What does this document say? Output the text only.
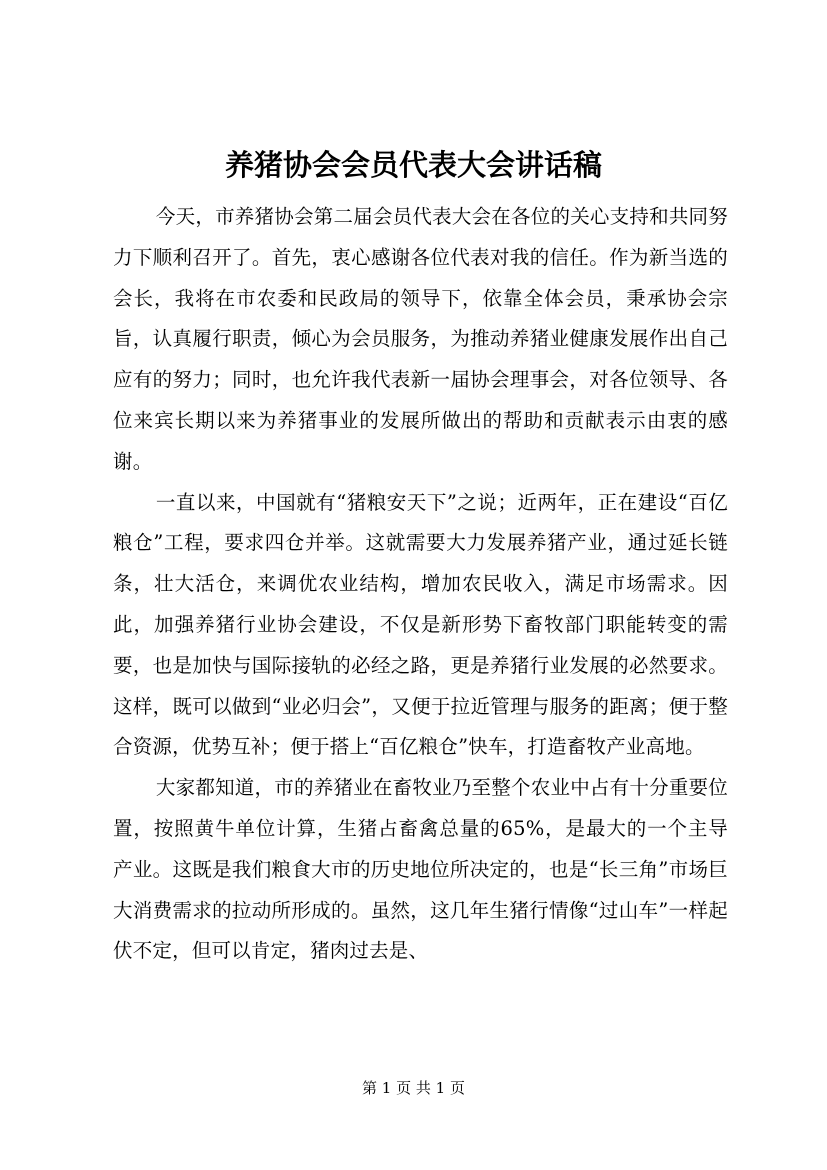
养猪协会会员代表大会讲话稿

今天，市养猪协会第二届会员代表大会在各位的关心支持和共同努力下顺利召开了。首先，衷心感谢各位代表对我的信任。作为新当选的会长，我将在市农委和民政局的领导下，依靠全体会员，秉承协会宗旨，认真履行职责，倾心为会员服务，为推动养猪业健康发展作出自己应有的努力；同时，也允许我代表新一届协会理事会，对各位领导、各位来宾长期以来为养猪事业的发展所做出的帮助和贡献表示由衷的感谢。

一直以来，中国就有“猪粮安天下”之说；近两年，正在建设“百亿粮仓”工程，要求四仓并举。这就需要大力发展养猪产业，通过延长链条，壮大活仓，来调优农业结构，增加农民收入，满足市场需求。因此，加强养猪行业协会建设，不仅是新形势下畜牧部门职能转变的需要，也是加快与国际接轨的必经之路，更是养猪行业发展的必然要求。这样，既可以做到“业必归会”，又便于拉近管理与服务的距离；便于整合资源，优势互补；便于搭上“百亿粮仓”快车，打造畜牧产业高地。

大家都知道，市的养猪业在畜牧业乃至整个农业中占有十分重要位置，按照黄牛单位计算，生猪占畜禽总量的65%，是最大的一个主导产业。这既是我们粮食大市的历史地位所决定的，也是“长三角”市场巨大消费需求的拉动所形成的。虽然，这几年生猪行情像“过山车”一样起伏不定，但可以肯定，猪肉过去是、

第 1 页 共 1 页
